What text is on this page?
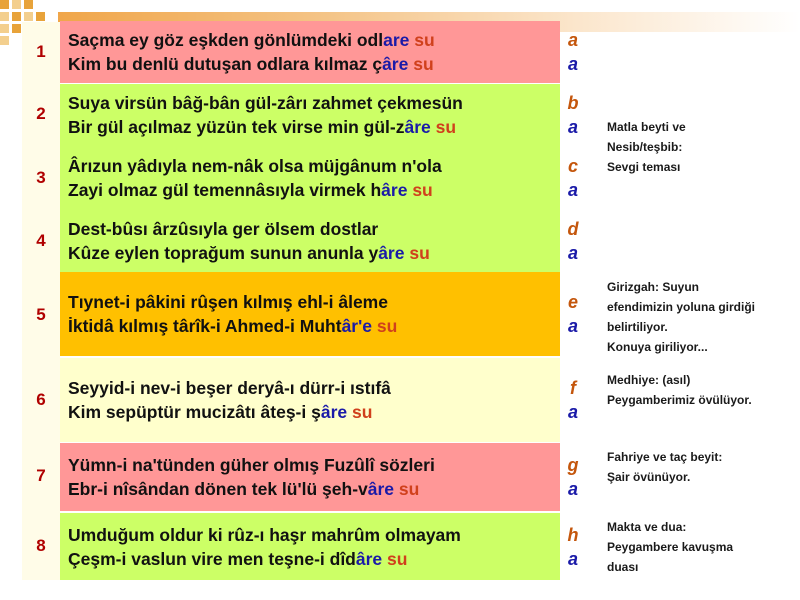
1
Saçma ey göz eşkden gönlümdeki odlare su
Kim bu denlü dutuşan odlara kılmaz çâre su
a
a
2
Suya virsün bâğ-bân gül-zârı zahmet çekmesün
Bir gül açılmaz yüzün tek virse min gül-zâre su
b
a
3
Ârızun yâdıyla nem-nâk olsa müjgânum n'ola
Zayi olmaz gül temennâsıyla virmek hâre su
c
a
4
Dest-bûsı ârzûsıyla ger ölsem dostlar
Kûze eylen toprağum sunun anunla yâre su
d
a
5
Tıynet-i pâkini rûşen kılmış ehl-i âleme
İktidâ kılmış târîk-i Ahmed-i Muhtâr'e su
e
a
6
Seyyid-i nev-i beşer deryâ-ı dürr-i ıstıfâ
Kim sepüptür mucizâtı âteş-i şâre su
f
a
7
Yümn-i na'tünden güher olmış Fuzûlî sözleri
Ebr-i nîsândan dönen tek lü'lü şeh-vâre su
g
a
8
Umduğum oldur ki rûz-ı haşr mahrûm olmayam
Çeşm-i vaslun vire men teşne-i dîdâre su
h
a
Matla beyti ve
Nesib/teşbib:
Sevgi teması
Girizgah: Suyun
efendimizin yoluna girdiği
belirtiliyor.
Konuya giriliyor...
Medhiye: (asıl)
Peygamberimiz övülüyor.
Fahriye ve taç beyit:
Şair övünüyor.
Makta ve dua:
Peygambere kavuşma
duası
